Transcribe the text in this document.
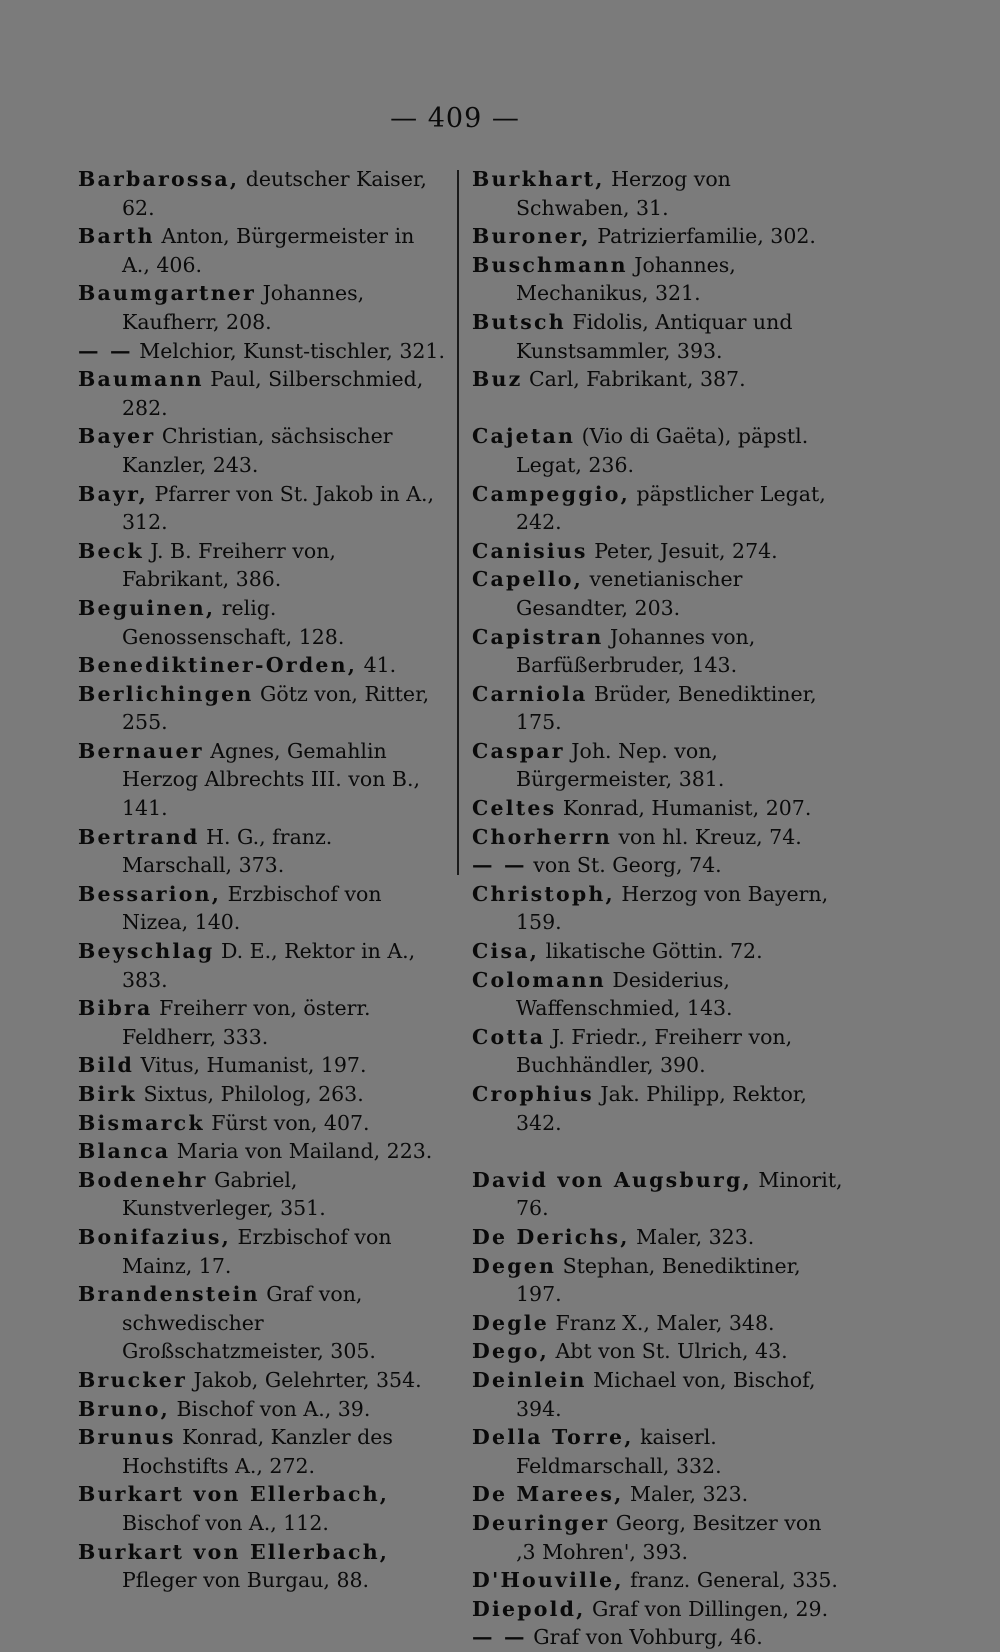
— 409 —
Barbarossa, deutscher Kaiser, 62.
Barth Anton, Bürgermeister in A., 406.
Baumgartner Johannes, Kaufherr, 208.
— — Melchior, Kunst-tischler, 321.
Baumann Paul, Silberschmied, 282.
Bayer Christian, sächsischer Kanzler, 243.
Bayr, Pfarrer von St. Jakob in A., 312.
Beck J. B. Freiherr von, Fabrikant, 386.
Beguinen, relig. Genossenschaft, 128.
Benediktiner-Orden, 41.
Berlichingen Götz von, Ritter, 255.
Bernauer Agnes, Gemahlin Herzog Albrechts III. von B., 141.
Bertrand H. G., franz. Marschall, 373.
Bessarion, Erzbischof von Nizea, 140.
Beyschlag D. E., Rektor in A., 383.
Bibra Freiherr von, österr. Feldherr, 333.
Bild Vitus, Humanist, 197.
Birk Sixtus, Philolog, 263.
Bismarck Fürst von, 407.
Blanca Maria von Mailand, 223.
Bodenehr Gabriel, Kunstverleger, 351.
Bonifazius, Erzbischof von Mainz, 17.
Brandenstein Graf von, schwedischer Großschatzmeister, 305.
Brucker Jakob, Gelehrter, 354.
Bruno, Bischof von A., 39.
Brunus Konrad, Kanzler des Hochstifts A., 272.
Burkart von Ellerbach, Bischof von A., 112.
Burkart von Ellerbach, Pfleger von Burgau, 88.
Burkhart, Herzog von Schwaben, 31.
Buroner, Patrizierfamilie, 302.
Buschmann Johannes, Mechanikus, 321.
Butsch Fidolis, Antiquar und Kunstsammler, 393.
Buz Carl, Fabrikant, 387.
Cajetan (Vio di Gaëta), päpstl. Legat, 236.
Campeggio, päpstlicher Legat, 242.
Canisius Peter, Jesuit, 274.
Capello, venetianischer Gesandter, 203.
Capistran Johannes von, Barfüßerbruder, 143.
Carniola Brüder, Benediktiner, 175.
Caspar Joh. Nep. von, Bürgermeister, 381.
Celtes Konrad, Humanist, 207.
Chorherrn von hl. Kreuz, 74.
— — von St. Georg, 74.
Christoph, Herzog von Bayern, 159.
Cisa, likatische Göttin. 72.
Colomann Desiderius, Waffenschmied, 143.
Cotta J. Friedr., Freiherr von, Buchhändler, 390.
Crophius Jak. Philipp, Rektor, 342.
David von Augsburg, Minorit, 76.
De Derichs, Maler, 323.
Degen Stephan, Benediktiner, 197.
Degle Franz X., Maler, 348.
Dego, Abt von St. Ulrich, 43.
Deinlein Michael von, Bischof, 394.
Della Torre, kaiserl. Feldmarschall, 332.
De Marees, Maler, 323.
Deuringer Georg, Besitzer von ‚3 Mohren', 393.
D'Houville, franz. General, 335.
Diepold, Graf von Dillingen, 29.
— — Graf von Vohburg, 46.
